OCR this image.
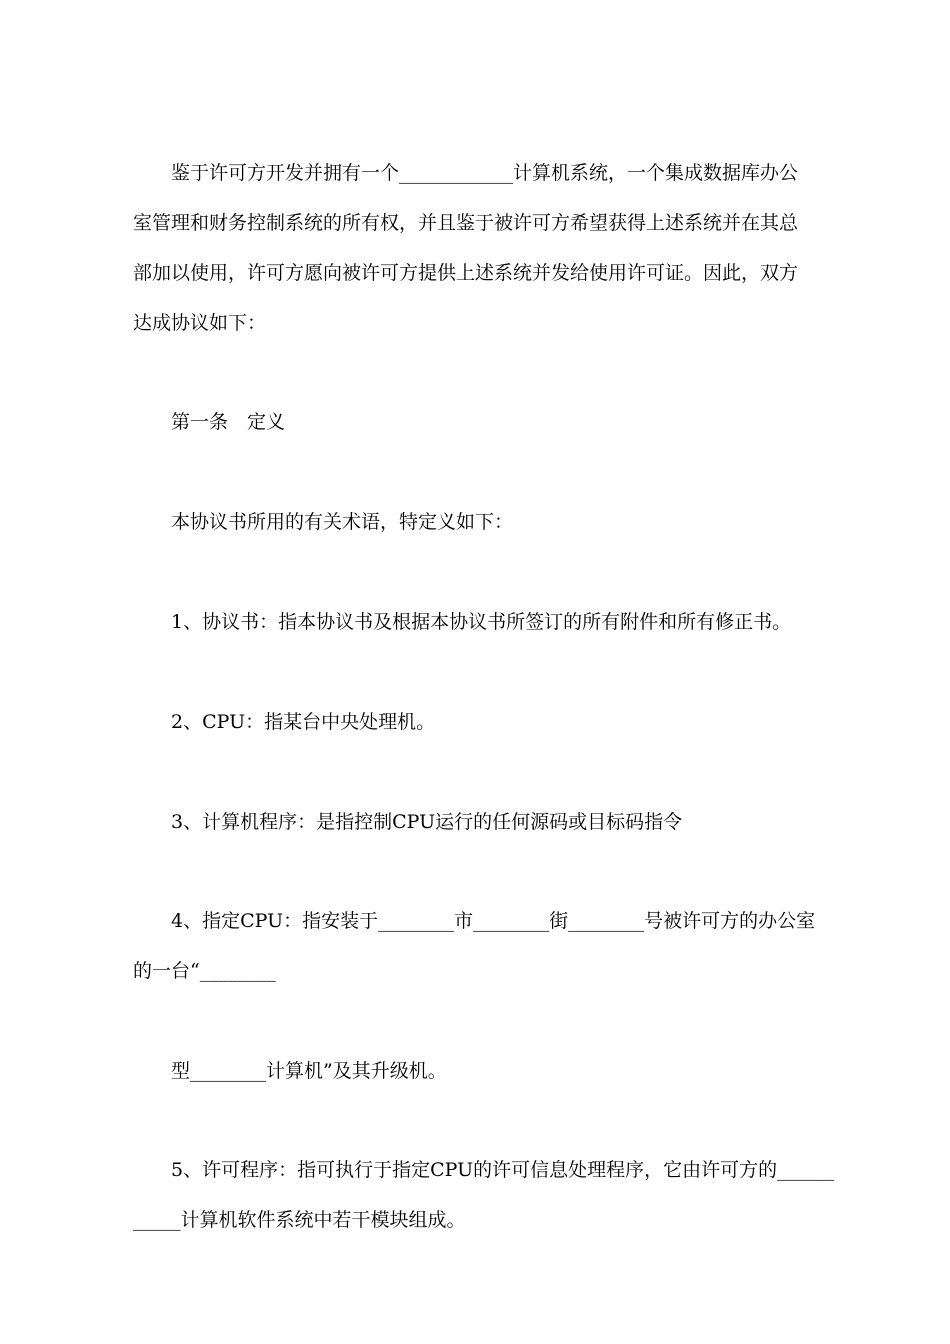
鉴于许可方开发并拥有一个____________计算机系统，一个集成数据库办公
室管理和财务控制系统的所有权，并且鉴于被许可方希望获得上述系统并在其总
部加以使用，许可方愿向被许可方提供上述系统并发给使用许可证。因此，双方
达成协议如下：
第一条　定义
本协议书所用的有关术语，特定义如下：
1、协议书：指本协议书及根据本协议书所签订的所有附件和所有修正书。
2、CPU：指某台中央处理机。
3、计算机程序：是指控制CPU运行的任何源码或目标码指令
4、指定CPU：指安装于________市________街________号被许可方的办公室
的一台“________
型________计算机”及其升级机。
5、许可程序：指可执行于指定CPU的许可信息处理程序，它由许可方的______
_____计算机软件系统中若干模块组成。
